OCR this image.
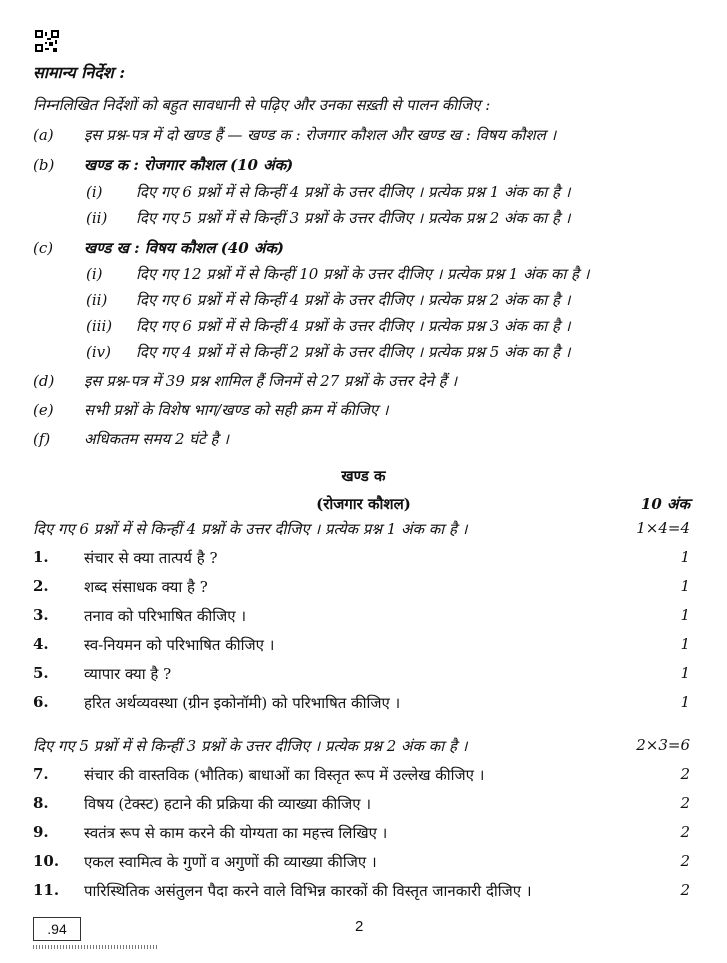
सामान्य निर्देश :
निम्नलिखित निर्देशों को बहुत सावधानी से पढ़िए और उनका सख़्ती से पालन कीजिए :
(a) इस प्रश्न-पत्र में दो खण्ड हैं — खण्ड क : रोजगार कौशल और खण्ड ख : विषय कौशल ।
(b) खण्ड क : रोजगार कौशल (10 अंक)
(i) दिए गए 6 प्रश्नों में से किन्हीं 4 प्रश्नों के उत्तर दीजिए । प्रत्येक प्रश्न 1 अंक का है ।
(ii) दिए गए 5 प्रश्नों में से किन्हीं 3 प्रश्नों के उत्तर दीजिए । प्रत्येक प्रश्न 2 अंक का है ।
(c) खण्ड ख : विषय कौशल (40 अंक)
(i) दिए गए 12 प्रश्नों में से किन्हीं 10 प्रश्नों के उत्तर दीजिए । प्रत्येक प्रश्न 1 अंक का है ।
(ii) दिए गए 6 प्रश्नों में से किन्हीं 4 प्रश्नों के उत्तर दीजिए । प्रत्येक प्रश्न 2 अंक का है ।
(iii) दिए गए 6 प्रश्नों में से किन्हीं 4 प्रश्नों के उत्तर दीजिए । प्रत्येक प्रश्न 3 अंक का है ।
(iv) दिए गए 4 प्रश्नों में से किन्हीं 2 प्रश्नों के उत्तर दीजिए । प्रत्येक प्रश्न 5 अंक का है ।
(d) इस प्रश्न-पत्र में 39 प्रश्न शामिल हैं जिनमें से 27 प्रश्नों के उत्तर देने हैं ।
(e) सभी प्रश्नों के विशेष भाग/खण्ड को सही क्रम में कीजिए ।
(f) अधिकतम समय 2 घंटे है ।
खण्ड क
(रोजगार कौशल)	10 अंक
दिए गए 6 प्रश्नों में से किन्हीं 4 प्रश्नों के उत्तर दीजिए । प्रत्येक प्रश्न 1 अंक का है ।	1×4=4
1. संचार से क्या तात्पर्य है ?	1
2. शब्द संसाधक क्या है ?	1
3. तनाव को परिभाषित कीजिए ।	1
4. स्व-नियमन को परिभाषित कीजिए ।	1
5. व्यापार क्या है ?	1
6. हरित अर्थव्यवस्था (ग्रीन इकोनॉमी) को परिभाषित कीजिए ।	1
दिए गए 5 प्रश्नों में से किन्हीं 3 प्रश्नों के उत्तर दीजिए । प्रत्येक प्रश्न 2 अंक का है ।	2×3=6
7. संचार की वास्तविक (भौतिक) बाधाओं का विस्तृत रूप में उल्लेख कीजिए ।	2
8. विषय (टेक्स्ट) हटाने की प्रक्रिया की व्याख्या कीजिए ।	2
9. स्वतंत्र रूप से काम करने की योग्यता का महत्त्व लिखिए ।	2
10. एकल स्वामित्व के गुणों व अगुणों की व्याख्या कीजिए ।	2
11. पारिस्थितिक असंतुलन पैदा करने वाले विभिन्न कारकों की विस्तृत जानकारी दीजिए ।	2
.94	2
